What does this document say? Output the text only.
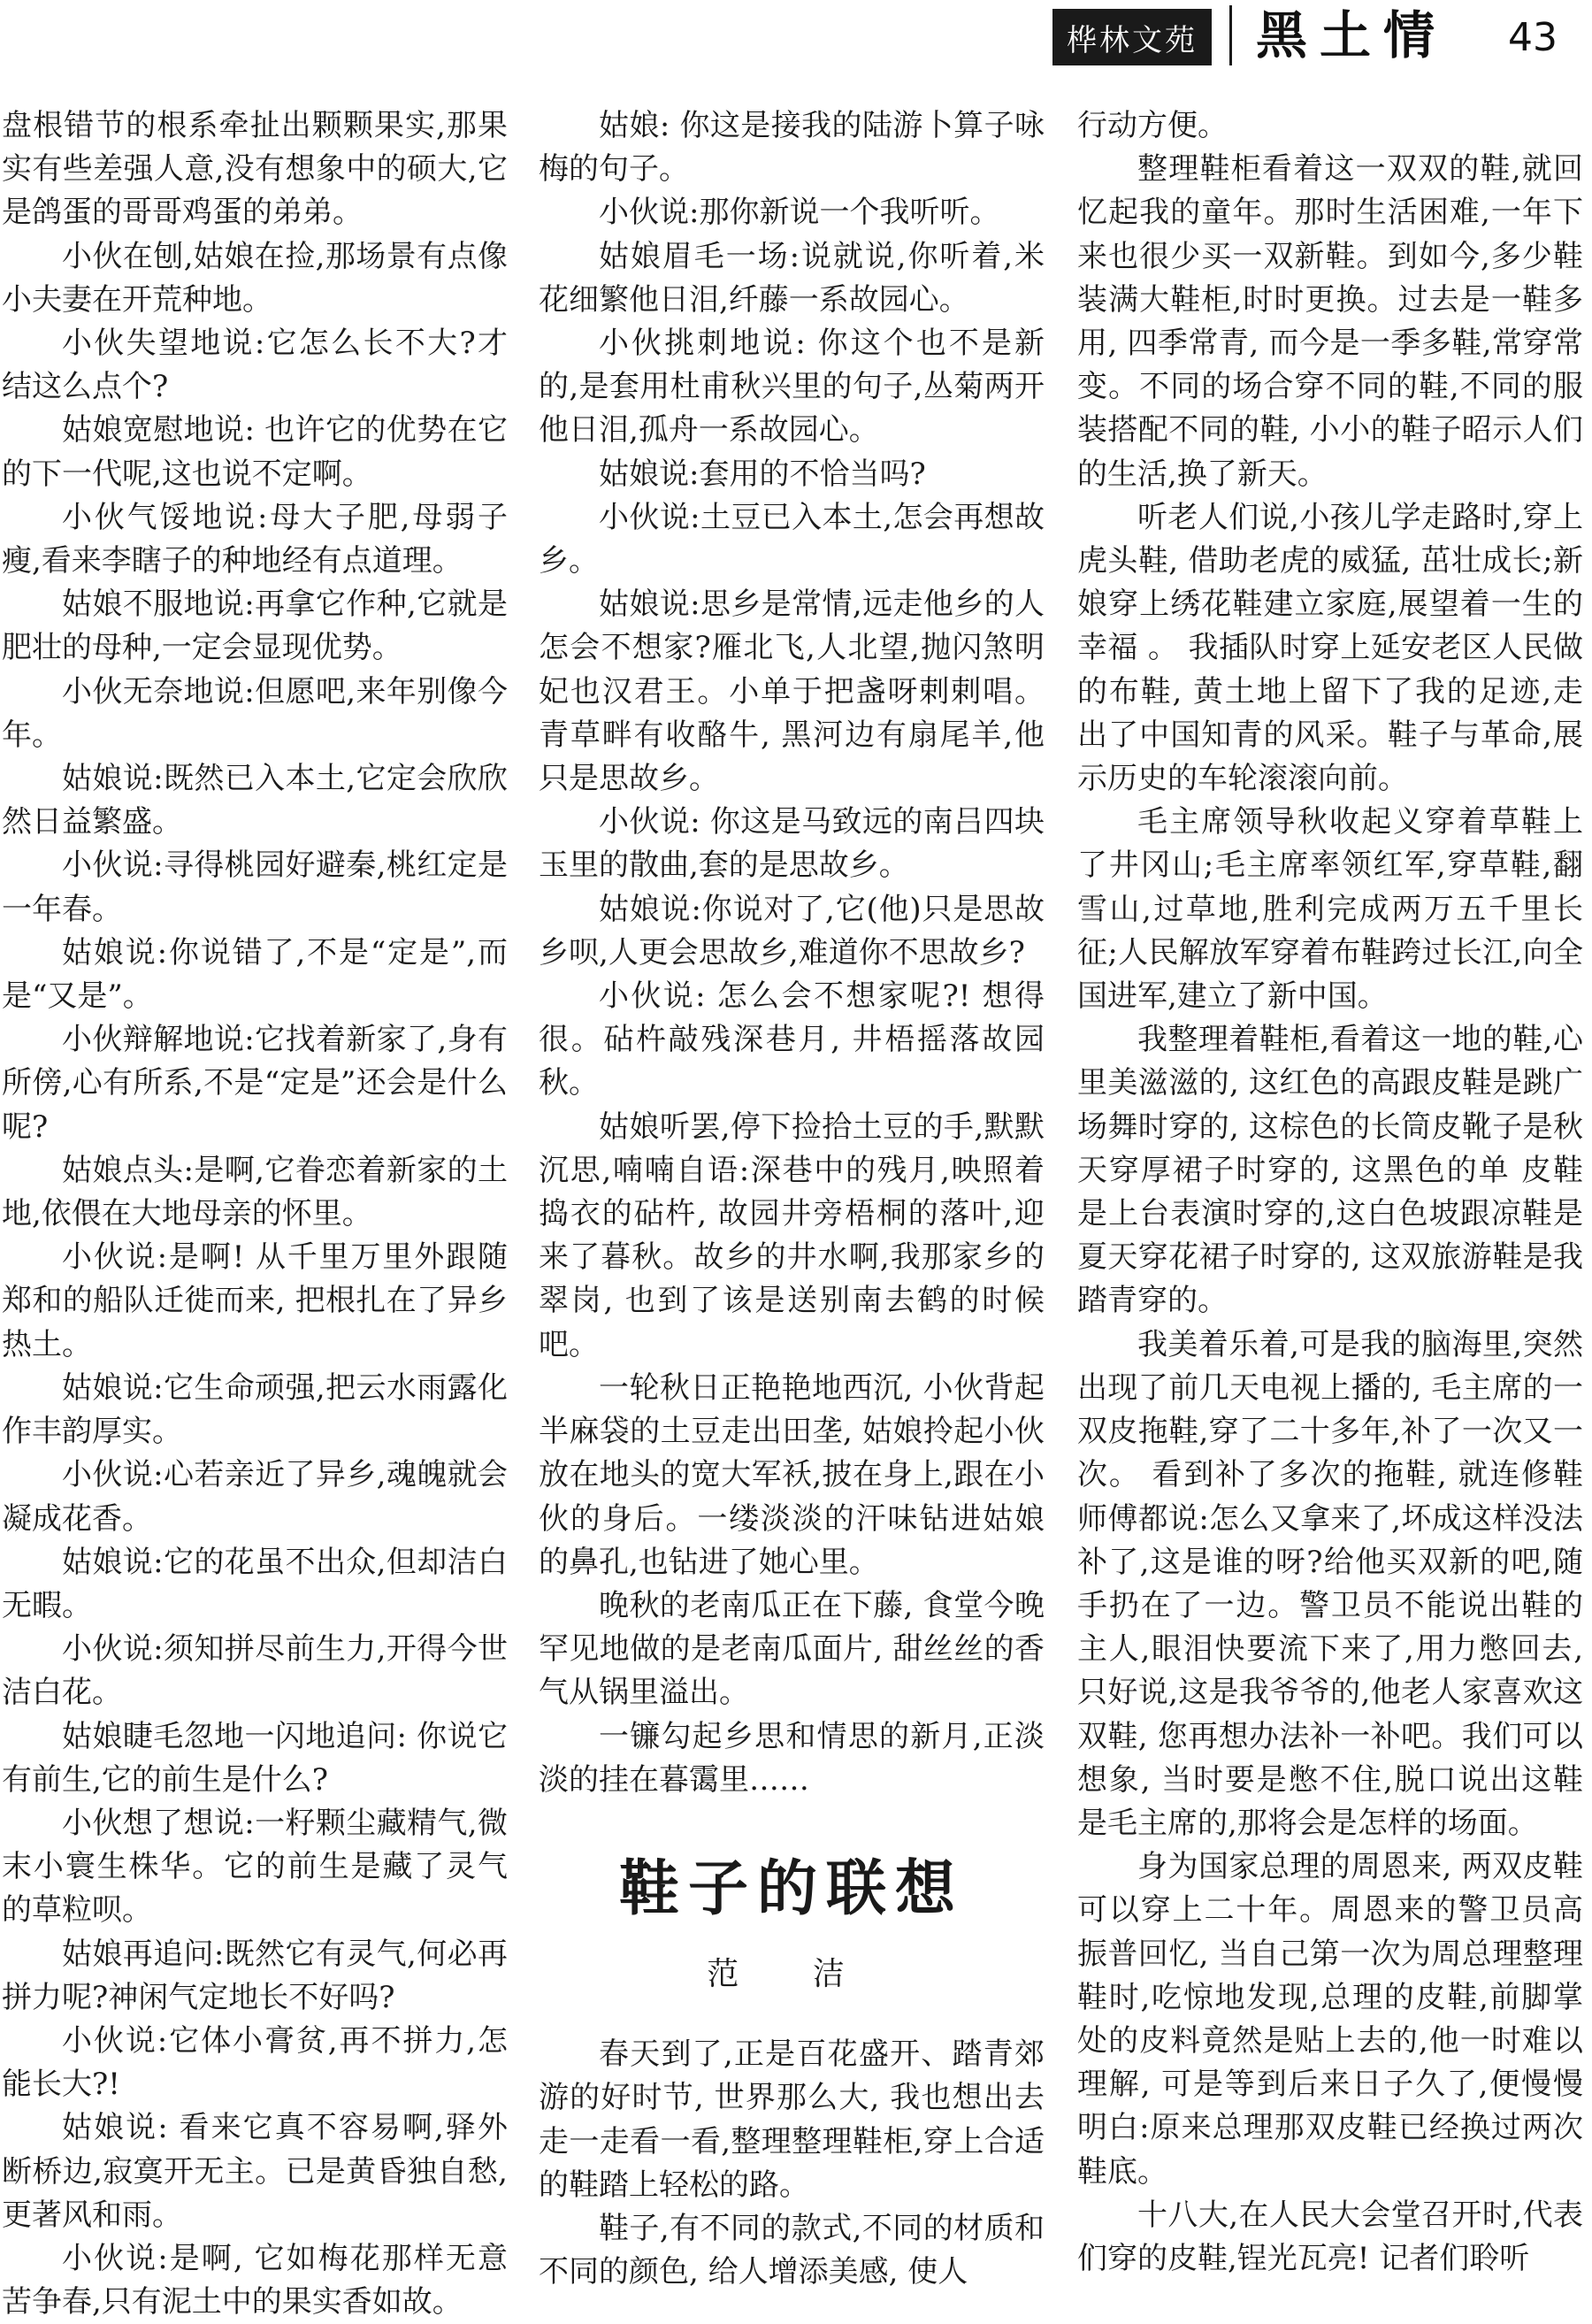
桦林文苑 黑土情	43

盘根错节的根系牵扯出颗颗果实,那果实有些差强人意,没有想象中的硕大,它是鸽蛋的哥哥鸡蛋的弟弟。

小伙在刨,姑娘在捡,那场景有点像小夫妻在开荒种地。

小伙失望地说:它怎么长不大?才结这么点个?

姑娘宽慰地说: 也许它的优势在它的下一代呢,这也说不定啊。

小伙气馁地说:母大子肥,母弱子瘦,看来李瞎子的种地经有点道理。

姑娘不服地说:再拿它作种,它就是肥壮的母种,一定会显现优势。

小伙无奈地说:但愿吧,来年别像今年。

姑娘说:既然已入本土,它定会欣欣然日益繁盛。

小伙说:寻得桃园好避秦,桃红定是一年春。

姑娘说:你说错了,不是“定是”,而是“又是”。

小伙辩解地说:它找着新家了,身有所傍,心有所系,不是“定是”还会是什么呢?

姑娘点头:是啊,它眷恋着新家的土地,依偎在大地母亲的怀里。

小伙说:是啊! 从千里万里外跟随郑和的船队迁徙而来, 把根扎在了异乡热土。

姑娘说:它生命顽强,把云水雨露化作丰韵厚实。

小伙说:心若亲近了异乡,魂魄就会凝成花香。

姑娘说:它的花虽不出众,但却洁白无暇。

小伙说:须知拼尽前生力,开得今世洁白花。

姑娘睫毛忽地一闪地追问: 你说它有前生,它的前生是什么?

小伙想了想说:一籽颗尘藏精气,微末小寰生株华。它的前生是藏了灵气的草粒呗。

姑娘再追问:既然它有灵气,何必再拼力呢?神闲气定地长不好吗?

小伙说:它体小膏贫,再不拼力,怎能长大?!

姑娘说: 看来它真不容易啊,驿外断桥边,寂寞开无主。已是黄昏独自愁,更著风和雨。

小伙说:是啊, 它如梅花那样无意苦争春,只有泥土中的果实香如故。

姑娘: 你这是接我的陆游卜算子咏梅的句子。

小伙说:那你新说一个我听听。

姑娘眉毛一场:说就说,你听着,米花细繁他日泪,纤藤一系故园心。

小伙挑刺地说: 你这个也不是新的,是套用杜甫秋兴里的句子,丛菊两开他日泪,孤舟一系故园心。

姑娘说:套用的不恰当吗?

小伙说:土豆已入本土,怎会再想故乡。

姑娘说:思乡是常情,远走他乡的人怎会不想家?雁北飞,人北望,抛闪煞明妃也汉君王。小单于把盏呀剌剌唱。青草畔有收酪牛, 黑河边有扇尾羊,他只是思故乡。

小伙说: 你这是马致远的南吕四块玉里的散曲,套的是思故乡。

姑娘说:你说对了,它(他)只是思故乡呗,人更会思故乡,难道你不思故乡?

小伙说: 怎么会不想家呢?! 想得很。砧杵敲残深巷月, 井梧摇落故园秋。

姑娘听罢,停下捡拾土豆的手,默默沉思,喃喃自语:深巷中的残月,映照着捣衣的砧杵, 故园井旁梧桐的落叶,迎来了暮秋。故乡的井水啊,我那家乡的翠岗, 也到了该是送别南去鹤的时候吧。

一轮秋日正艳艳地西沉, 小伙背起半麻袋的土豆走出田垄, 姑娘拎起小伙放在地头的宽大军袄,披在身上,跟在小伙的身后。一缕淡淡的汗味钻进姑娘的鼻孔,也钻进了她心里。

晚秋的老南瓜正在下藤, 食堂今晚罕见地做的是老南瓜面片, 甜丝丝的香气从锅里溢出。

一镰勾起乡思和情思的新月,正淡淡的挂在暮霭里……

鞋子的联想
范 洁

春天到了,正是百花盛开、踏青郊游的好时节, 世界那么大, 我也想出去走一走看一看,整理整理鞋柜,穿上合适的鞋踏上轻松的路。

鞋子,有不同的款式,不同的材质和不同的颜色, 给人增添美感, 使人

行动方便。

整理鞋柜看着这一双双的鞋,就回忆起我的童年。那时生活困难,一年下来也很少买一双新鞋。到如今,多少鞋装满大鞋柜,时时更换。过去是一鞋多用, 四季常青, 而今是一季多鞋,常穿常变。不同的场合穿不同的鞋,不同的服装搭配不同的鞋, 小小的鞋子昭示人们的生活,换了新天。

听老人们说,小孩儿学走路时,穿上虎头鞋, 借助老虎的威猛, 茁壮成长;新娘穿上绣花鞋建立家庭,展望着一生的幸福 。 我插队时穿上延安老区人民做的布鞋, 黄土地上留下了我的足迹,走出了中国知青的风采。鞋子与革命,展示历史的车轮滚滚向前。

毛主席领导秋收起义穿着草鞋上了井冈山;毛主席率领红军,穿草鞋,翻雪山,过草地,胜利完成两万五千里长征;人民解放军穿着布鞋跨过长江,向全国进军,建立了新中国。

我整理着鞋柜,看着这一地的鞋,心里美滋滋的, 这红色的高跟皮鞋是跳广场舞时穿的, 这棕色的长筒皮靴子是秋天穿厚裙子时穿的, 这黑色的单 皮鞋是上台表演时穿的,这白色坡跟凉鞋是夏天穿花裙子时穿的, 这双旅游鞋是我踏青穿的。

我美着乐着,可是我的脑海里,突然出现了前几天电视上播的, 毛主席的一双皮拖鞋,穿了二十多年,补了一次又一次。 看到补了多次的拖鞋, 就连修鞋师傅都说:怎么又拿来了,坏成这样没法补了,这是谁的呀?给他买双新的吧,随手扔在了一边。警卫员不能说出鞋的主人,眼泪快要流下来了,用力憋回去,只好说,这是我爷爷的,他老人家喜欢这双鞋, 您再想办法补一补吧。我们可以想象, 当时要是憋不住,脱口说出这鞋是毛主席的,那将会是怎样的场面。

身为国家总理的周恩来, 两双皮鞋可以穿上二十年。周恩来的警卫员高振普回忆, 当自己第一次为周总理整理鞋时,吃惊地发现,总理的皮鞋,前脚掌处的皮料竟然是贴上去的,他一时难以理解, 可是等到后来日子久了,便慢慢明白:原来总理那双皮鞋已经换过两次鞋底。

十八大,在人民大会堂召开时,代表们穿的皮鞋,锃光瓦亮! 记者们聆听
